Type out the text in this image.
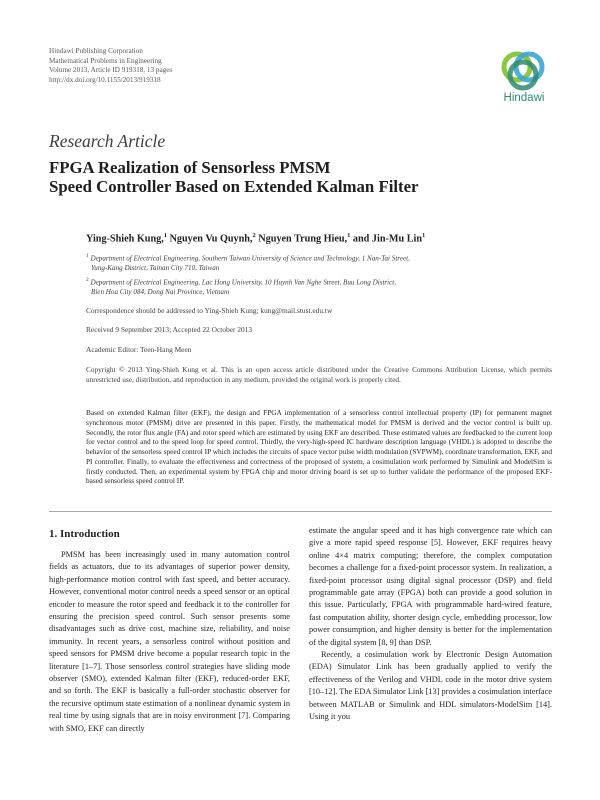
Hindawi Publishing Corporation
Mathematical Problems in Engineering
Volume 2013, Article ID 919318, 13 pages
http://dx.doi.org/10.1155/2013/919318
Hindawi
Research Article
FPGA Realization of Sensorless PMSM
Speed Controller Based on Extended Kalman Filter
Ying-Shieh Kung,$^1$ Nguyen Vu Quynh,$^2$ Nguyen Trung Hieu,$^1$ and Jin-Mu Lin$^1$
$^1$ Department of Electrical Engineering, Southern Taiwan University of Science and Technology, 1 Nan-Tai Street,
Yung-Kang District, Tainan City 710, Taiwan
$^2$ Department of Electrical Engineering, Lac Hong University, 10 Huynh Van Nghe Street, Buu Long District,
Bien Hoa City 084, Dong Nai Province, Vietnam
Correspondence should be addressed to Ying-Shieh Kung; kung@mail.stust.edu.tw
Received 9 September 2013; Accepted 22 October 2013
Academic Editor: Teen-Hang Meen
Copyright © 2013 Ying-Shieh Kung et al. This is an open access article distributed under the Creative Commons Attribution License, which permits unrestricted use, distribution, and reproduction in any medium, provided the original work is properly cited.
Based on extended Kalman filter (EKF), the design and FPGA implementation of a sensorless control intellectual property (IP) for permanent magnet synchronous motor (PMSM) drive are presented in this paper. Firstly, the mathematical model for PMSM is derived and the vector control is built up. Secondly, the rotor flux angle (FA) and rotor speed which are estimated by using EKF are described. These estimated values are feedbacked to the current loop for vector control and to the speed loop for speed control. Thirdly, the very-high-speed IC hardware description language (VHDL) is adopted to describe the behavior of the sensorless speed control IP which includes the circuits of space vector pulse width modulation (SVPWM), coordinate transformation, EKF, and PI controller. Finally, to evaluate the effectiveness and correctness of the proposed of system, a cosimulation work performed by Simulink and ModelSim is firstly conducted. Then, an experimental system by FPGA chip and motor driving board is set up to further validate the performance of the proposed EKF-based sensorless speed control IP.
1. Introduction

PMSM has been increasingly used in many automation control fields as actuators, due to its advantages of superior power density, high-performance motion control with fast speed, and better accuracy. However, conventional motor control needs a speed sensor or an optical encoder to measure the rotor speed and feedback it to the controller for ensuring the precision speed control. Such sensor presents some disadvantages such as drive cost, machine size, reliability, and noise immunity. In recent years, a sensorless control without position and speed sensors for PMSM drive become a popular research topic in the literature [1–7]. Those sensorless control strategies have sliding mode observer (SMO), extended Kalman filter (EKF), reduced-order EKF, and so forth. The EKF is basically a full-order stochastic observer for the recursive optimum state estimation of a nonlinear dynamic system in real time by using signals that are in noisy environment [7]. Comparing with SMO, EKF can directly

estimate the angular speed and it has high convergence rate which can give a more rapid speed response [5]. However, EKF requires heavy online 4×4 matrix computing; therefore, the complex computation becomes a challenge for a fixed-point processor system. In realization, a fixed-point processor using digital signal processor (DSP) and field programmable gate array (FPGA) both can provide a good solution in this issue. Particularly, FPGA with programmable hard-wired feature, fast computation ability, shorter design cycle, embedding processor, low power consumption, and higher density is better for the implementation of the digital system [8, 9] than DSP.

Recently, a cosimulation work by Electronic Design Automation (EDA) Simulator Link has been gradually applied to verify the effectiveness of the Verilog and VHDL code in the motor drive system [10–12]. The EDA Simulator Link [13] provides a cosimulation interface between MATLAB or Simulink and HDL simulators-ModelSim [14]. Using it you
